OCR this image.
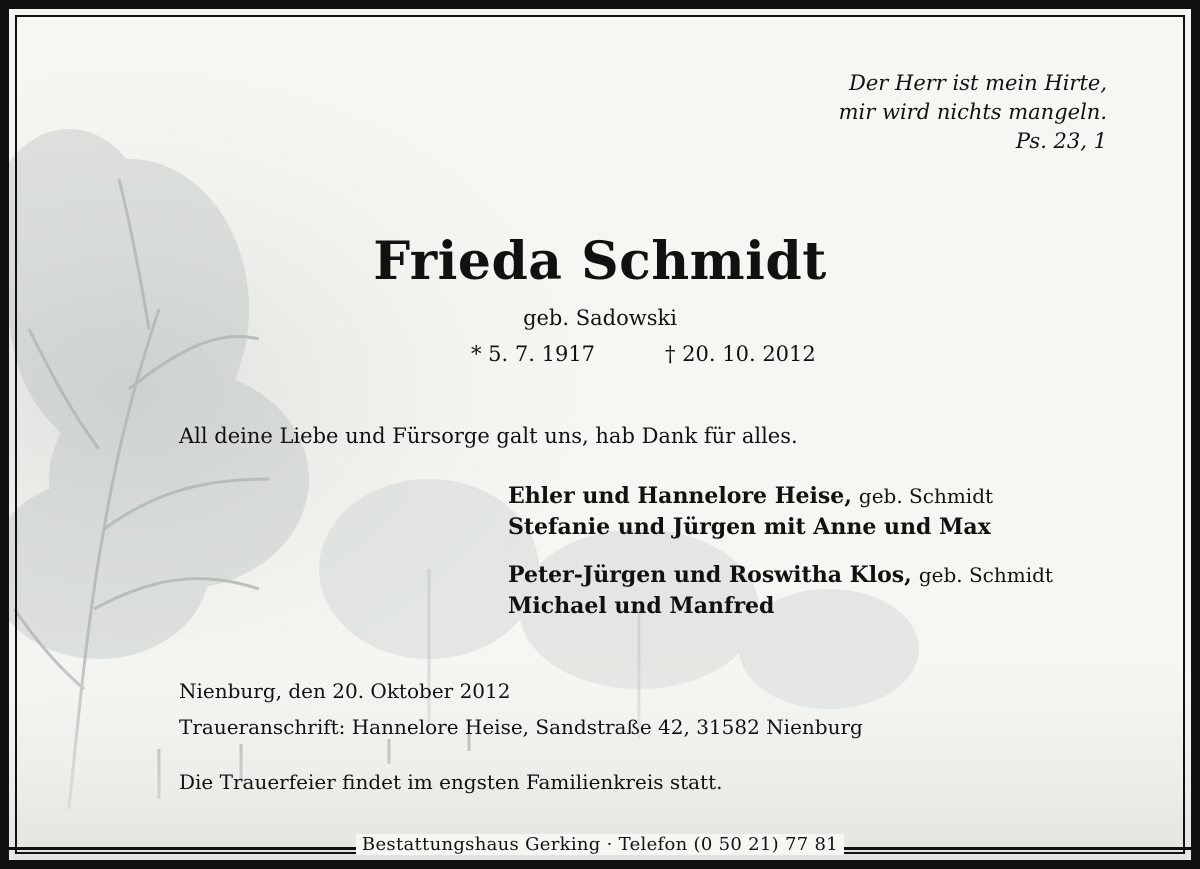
Der Herr ist mein Hirte,
mir wird nichts mangeln.
Ps. 23, 1
Frieda Schmidt
geb. Sadowski
* 5. 7. 1917	† 20. 10. 2012
All deine Liebe und Fürsorge galt uns, hab Dank für alles.
Ehler und Hannelore Heise, geb. Schmidt
Stefanie und Jürgen mit Anne und Max
Peter-Jürgen und Roswitha Klos, geb. Schmidt
Michael und Manfred
Nienburg, den 20. Oktober 2012
Traueranschrift: Hannelore Heise, Sandstraße 42, 31582 Nienburg
Die Trauerfeier findet im engsten Familienkreis statt.
Bestattungshaus Gerking · Telefon (0 50 21) 77 81
